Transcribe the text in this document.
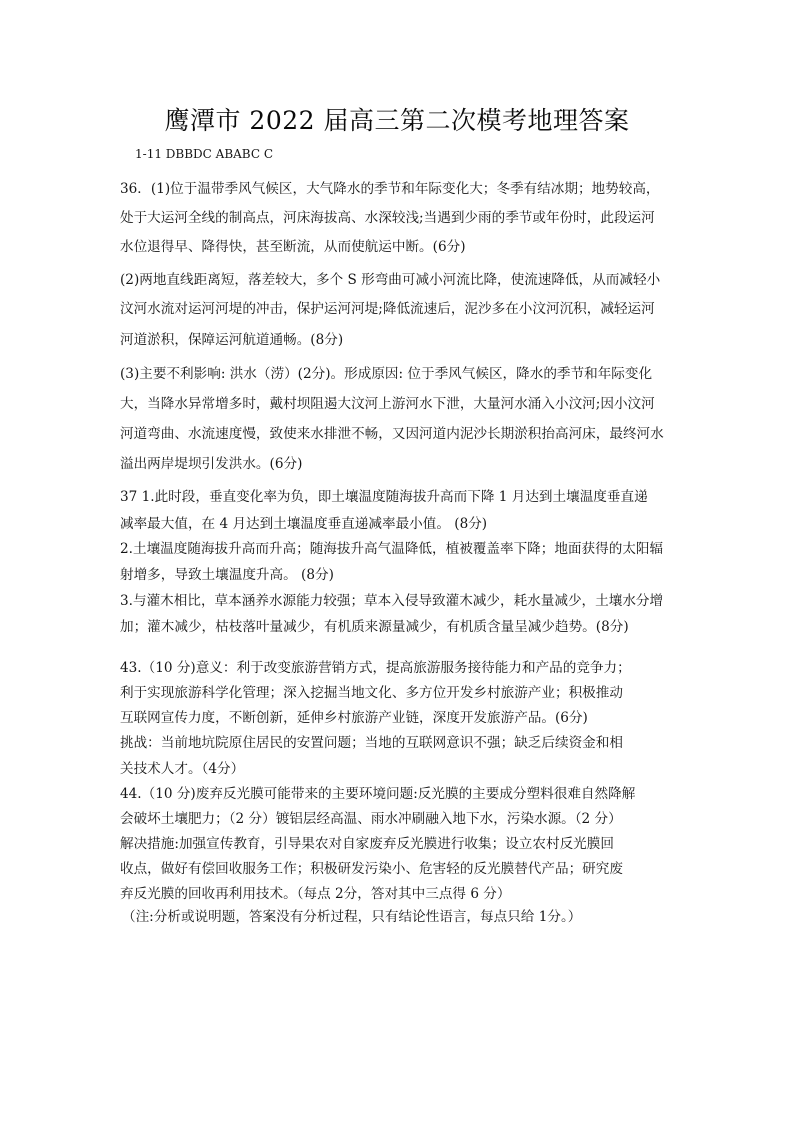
鹰潭市 2022 届高三第二次模考地理答案
1-11 DBBDC ABABC C
36．(1)位于温带季风气候区，大气降水的季节和年际变化大；冬季有结冰期；地势较高，
处于大运河全线的制高点，河床海拔高、水深较浅;当遇到少雨的季节或年份时，此段运河
水位退得早、降得快，甚至断流，从而使航运中断。(6分)
(2)两地直线距离短，落差较大，多个 S 形弯曲可减小河流比降，使流速降低，从而减轻小
汶河水流对运河河堤的冲击，保护运河河堤;降低流速后，泥沙多在小汶河沉积，减轻运河
河道淤积，保障运河航道通畅。(8分)
(3)主要不利影响: 洪水（涝）(2分)。形成原因: 位于季风气候区，降水的季节和年际变化
大，当降水异常增多时，戴村坝阻遏大汶河上游河水下泄，大量河水涌入小汶河;因小汶河
河道弯曲、水流速度慢，致使来水排泄不畅，又因河道内泥沙长期淤积抬高河床，最终河水
溢出两岸堤坝引发洪水。(6分)
37 1.此时段，垂直变化率为负，即土壤温度随海拔升高而下降 1 月达到土壤温度垂直递
减率最大值，在 4 月达到土壤温度垂直递减率最小值。 (8分)
2.土壤温度随海拔升高而升高；随海拔升高气温降低，植被覆盖率下降；地面获得的太阳辐
射增多，导致土壤温度升高。 (8分)
3.与灌木相比，草本涵养水源能力较强；草本入侵导致灌木减少，耗水量减少，土壤水分增
加；灌木减少，枯枝落叶量减少，有机质来源量减少，有机质含量呈减少趋势。(8分)
43.（10 分)意义：利于改变旅游营销方式，提高旅游服务接待能力和产品的竞争力；
利于实现旅游科学化管理；深入挖掘当地文化、多方位开发乡村旅游产业；积极推动
互联网宣传力度，不断创新，延伸乡村旅游产业链，深度开发旅游产品。(6分)
挑战：当前地坑院原住居民的安置问题；当地的互联网意识不强；缺乏后续资金和相
关技术人才。（4分）
44.（10 分)废弃反光膜可能带来的主要环境问题:反光膜的主要成分塑料很难自然降解
会破坏土壤肥力；（2 分）镀铝层经高温、雨水冲刷融入地下水，污染水源。（2 分）
解决措施:加强宣传教育，引导果农对自家废弃反光膜进行收集；设立农村反光膜回
收点，做好有偿回收服务工作；积极研发污染小、危害轻的反光膜替代产品；研究废
弃反光膜的回收再利用技术。（每点 2分，答对其中三点得 6 分）
（注:分析或说明题，答案没有分析过程，只有结论性语言，每点只给 1分。）
